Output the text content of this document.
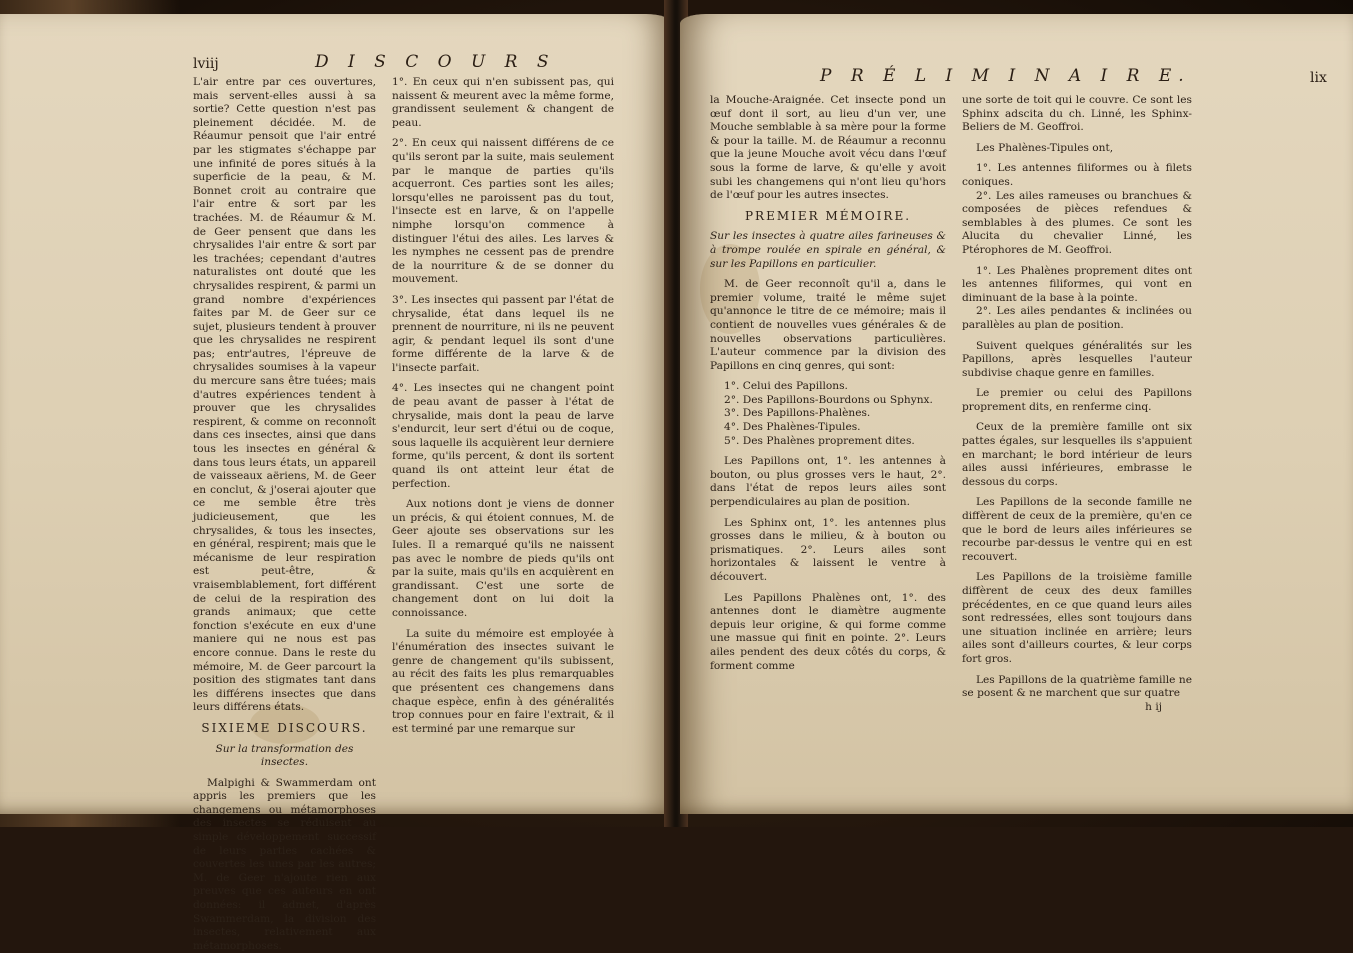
lviij	D I S C O U R S

L'air entre par ces ouvertures, mais servent-elles aussi à sa sortie? Cette question n'est pas pleinement décidée. M. de Réaumur pensoit que l'air entré par les stigmates s'échappe par une infinité de pores situés à la superficie de la peau, & M. Bonnet croit au contraire que l'air entre & sort par les trachées. M. de Réaumur & M. de Geer pensent que dans les chrysalides l'air entre & sort par les trachées; cependant d'autres naturalistes ont douté que les chrysalides respirent, & parmi un grand nombre d'expériences faites par M. de Geer sur ce sujet, plusieurs tendent à prouver que les chrysalides ne respirent pas; entr'autres, l'épreuve de chrysalides soumises à la vapeur du mercure sans être tuées; mais d'autres expériences tendent à prouver que les chrysalides respirent, & comme on reconnoît dans ces insectes, ainsi que dans tous les insectes en général & dans tous leurs états, un appareil de vaisseaux aëriens, M. de Geer en conclut, & j'oserai ajouter que ce me semble être très judicieusement, que les chrysalides, & tous les insectes, en général, respirent; mais que le mécanisme de leur respiration est peut-être, & vraisemblablement, fort différent de celui de la respiration des grands animaux; que cette fonction s'exécute en eux d'une maniere qui ne nous est pas encore connue. Dans le reste du mémoire, M. de Geer parcourt la position des stigmates tant dans les différens insectes que dans leurs différens états.

SIXIEME DISCOURS.

Sur la transformation des insectes.

Malpighi & Swammerdam ont appris les premiers que les changemens ou métamorphoses des insectes se réduisent au simple développement successif de leurs parties cachées & couvertes les unes par les autres; M. de Geer n'ajoute rien aux preuves que ces auteurs en ont données: il admet, d'après Swammerdam, la division des insectes, relativement aux métamorphoses.

1°. En ceux qui n'en subissent pas, qui naissent & meurent avec la même forme, grandissent seulement & changent de peau.

2°. En ceux qui naissent différens de ce qu'ils seront par la suite, mais seulement par le manque de parties qu'ils acquerront. Ces parties sont les ailes; lorsqu'elles ne paroissent pas du tout, l'insecte est en larve, & on l'appelle nimphe lorsqu'on commence à distinguer l'étui des ailes. Les larves & les nymphes ne cessent pas de prendre de la nourriture & de se donner du mouvement.

3°. Les insectes qui passent par l'état de chrysalide, état dans lequel ils ne prennent de nourriture, ni ils ne peuvent agir, & pendant lequel ils sont d'une forme différente de la larve & de l'insecte parfait.

4°. Les insectes qui ne changent point de peau avant de passer à l'état de chrysalide, mais dont la peau de larve s'endurcit, leur sert d'étui ou de coque, sous laquelle ils acquièrent leur derniere forme, qu'ils percent, & dont ils sortent quand ils ont atteint leur état de perfection.

Aux notions dont je viens de donner un précis, & qui étoient connues, M. de Geer ajoute ses observations sur les Iules. Il a remarqué qu'ils ne naissent pas avec le nombre de pieds qu'ils ont par la suite, mais qu'ils en acquièrent en grandissant. C'est une sorte de changement dont on lui doit la connoissance.

La suite du mémoire est employée à l'énumération des insectes suivant le genre de changement qu'ils subissent, au récit des faits les plus remarquables que présentent ces changemens dans chaque espèce, enfin à des généralités trop connues pour en faire l'extrait, & il est terminé par une remarque sur

P R É L I M I N A I R E.	lix

la Mouche-Araignée. Cet insecte pond un œuf dont il sort, au lieu d'un ver, une Mouche semblable à sa mère pour la forme & pour la taille. M. de Réaumur a reconnu que la jeune Mouche avoit vécu dans l'œuf sous la forme de larve, & qu'elle y avoit subi les changemens qui n'ont lieu qu'hors de l'œuf pour les autres insectes.

PREMIER MÉMOIRE.

Sur les insectes à quatre ailes farineuses & à trompe roulée en spirale en général, & sur les Papillons en particulier.

M. de Geer reconnoît qu'il a, dans le premier volume, traité le même sujet qu'annonce le titre de ce mémoire; mais il contient de nouvelles vues générales & de nouvelles observations particulières. L'auteur commence par la division des Papillons en cinq genres, qui sont:

1°. Celui des Papillons.

2°. Des Papillons-Bourdons ou Sphynx.

3°. Des Papillons-Phalènes.

4°. Des Phalènes-Tipules.

5°. Des Phalènes proprement dites.

Les Papillons ont, 1°. les antennes à bouton, ou plus grosses vers le haut, 2°. dans l'état de repos leurs ailes sont perpendiculaires au plan de position.

Les Sphinx ont, 1°. les antennes plus grosses dans le milieu, & à bouton ou prismatiques. 2°. Leurs ailes sont horizontales & laissent le ventre à découvert.

Les Papillons Phalènes ont, 1°. des antennes dont le diamètre augmente depuis leur origine, & qui forme comme une massue qui finit en pointe. 2°. Leurs ailes pendent des deux côtés du corps, & forment comme

une sorte de toit qui le couvre. Ce sont les Sphinx adscita du ch. Linné, les Sphinx-Beliers de M. Geoffroi.

Les Phalènes-Tipules ont,

1°. Les antennes filiformes ou à filets coniques.

2°. Les ailes rameuses ou branchues & composées de pièces refendues & semblables à des plumes. Ce sont les Alucita du chevalier Linné, les Ptérophores de M. Geoffroi.

1°. Les Phalènes proprement dites ont les antennes filiformes, qui vont en diminuant de la base à la pointe.

2°. Les ailes pendantes & inclinées ou parallèles au plan de position.

Suivent quelques généralités sur les Papillons, après lesquelles l'auteur subdivise chaque genre en familles.

Le premier ou celui des Papillons proprement dits, en renferme cinq.

Ceux de la première famille ont six pattes égales, sur lesquelles ils s'appuient en marchant; le bord intérieur de leurs ailes aussi inférieures, embrasse le dessous du corps.

Les Papillons de la seconde famille ne diffèrent de ceux de la première, qu'en ce que le bord de leurs ailes inférieures se recourbe par-dessus le ventre qui en est recouvert.

Les Papillons de la troisième famille diffèrent de ceux des deux familles précédentes, en ce que quand leurs ailes sont redressées, elles sont toujours dans une situation inclinée en arrière; leurs ailes sont d'ailleurs courtes, & leur corps fort gros.

Les Papillons de la quatrième famille ne se posent & ne marchent que sur quatre

h ij
